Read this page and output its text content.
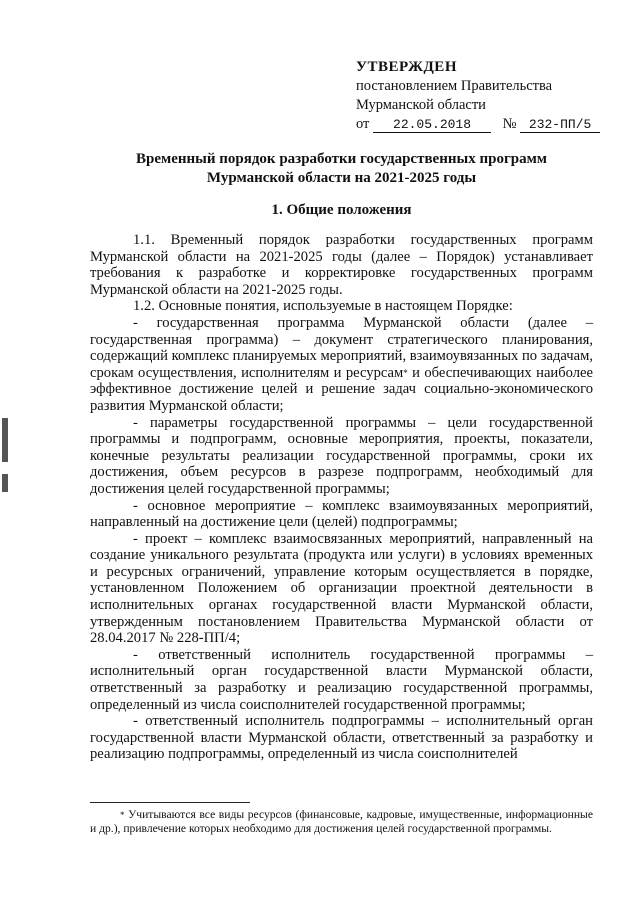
УТВЕРЖДЕН
постановлением Правительства
Мурманской области
от 22.05.2018 № 232-ПП/5
Временный порядок разработки государственных программ
Мурманской области на 2021-2025 годы
1. Общие положения

1.1. Временный порядок разработки государственных программ Мурманской области на 2021-2025 годы (далее – Порядок) устанавливает требования к разработке и корректировке государственных программ Мурманской области на 2021-2025 годы.

1.2. Основные понятия, используемые в настоящем Порядке:

- государственная программа Мурманской области (далее – государственная программа) – документ стратегического планирования, содержащий комплекс планируемых мероприятий, взаимоувязанных по задачам, срокам осуществления, исполнителям и ресурсам* и обеспечивающих наиболее эффективное достижение целей и решение задач социально-экономического развития Мурманской области;

- параметры государственной программы – цели государственной программы и подпрограмм, основные мероприятия, проекты, показатели, конечные результаты реализации государственной программы, сроки их достижения, объем ресурсов в разрезе подпрограмм, необходимый для достижения целей государственной программы;

- основное мероприятие – комплекс взаимоувязанных мероприятий, направленный на достижение цели (целей) подпрограммы;

- проект – комплекс взаимосвязанных мероприятий, направленный на создание уникального результата (продукта или услуги) в условиях временных и ресурсных ограничений, управление которым осуществляется в порядке, установленном Положением об организации проектной деятельности в исполнительных органах государственной власти Мурманской области, утвержденным постановлением Правительства Мурманской области от 28.04.2017 № 228-ПП/4;

- ответственный исполнитель государственной программы – исполнительный орган государственной власти Мурманской области, ответственный за разработку и реализацию государственной программы, определенный из числа соисполнителей государственной программы;

- ответственный исполнитель подпрограммы – исполнительный орган государственной власти Мурманской области, ответственный за разработку и реализацию подпрограммы, определенный из числа соисполнителей

* Учитываются все виды ресурсов (финансовые, кадровые, имущественные, информационные и др.), привлечение которых необходимо для достижения целей государственной программы.
